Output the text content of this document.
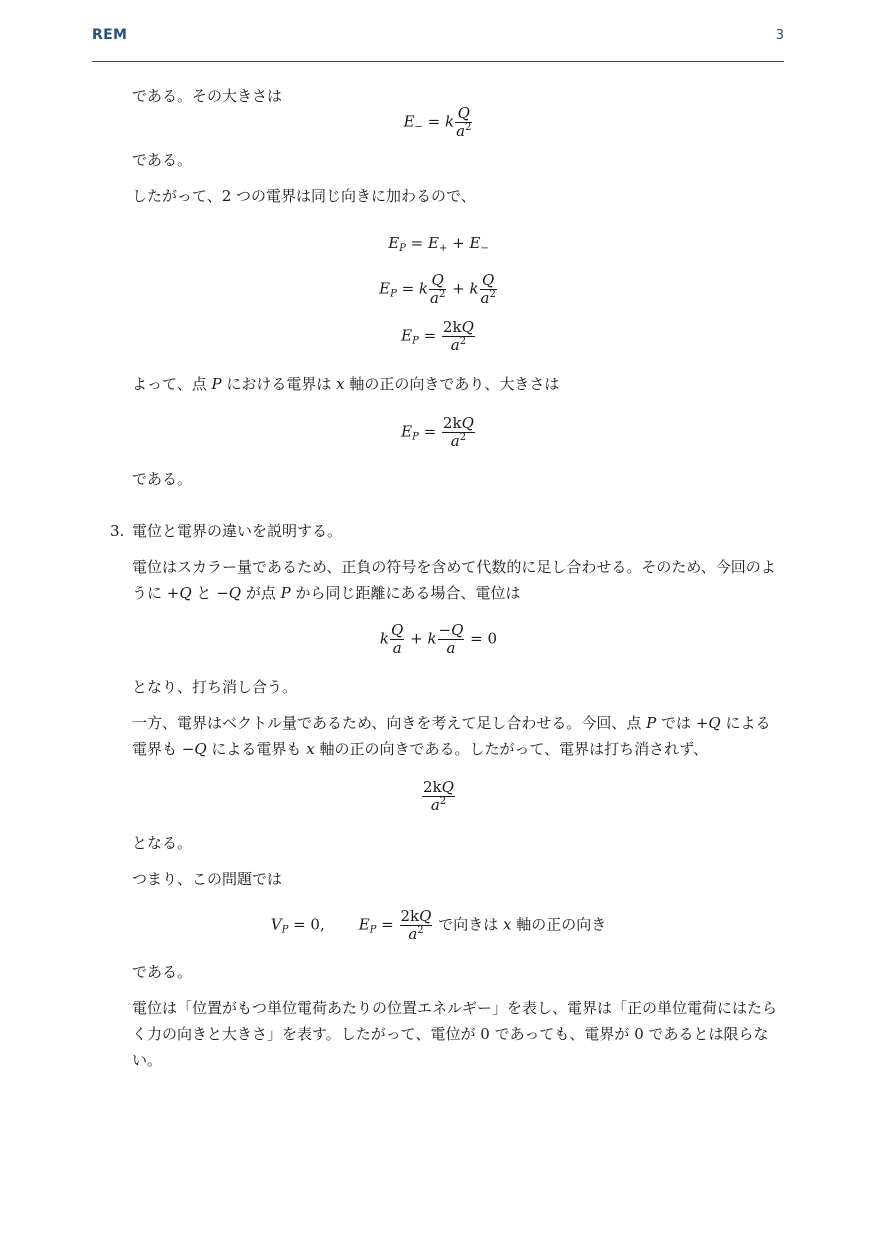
REM	3
である。その大きさは
$E_- = k \frac{Q}{a^2}$
である。
したがって、2 つの電界は同じ向きに加わるので、
$E_P = E_+ + E_-$
$E_P = k \frac{Q}{a^2} + k \frac{Q}{a^2}$
$E_P = \frac{2kQ}{a^2}$
よって、点 P における電界は x 軸の正の向きであり、大きさは
$E_P = \frac{2kQ}{a^2}$
である。
3. 電位と電界の違いを説明する。
電位はスカラー量であるため、正負の符号を含めて代数的に足し合わせる。そのため、今回のように +Q と −Q が点 P から同じ距離にある場合、電位は
k $\frac{Q}{a} + k \frac{-Q}{a} = 0$
となり、打ち消し合う。
一方、電界はベクトル量であるため、向きを考えて足し合わせる。今回、点 P では +Q による電界も −Q による電界も x 軸の正の向きである。したがって、電界は打ち消されず、
$\frac{2kQ}{a^2}$
となる。
つまり、この問題では
$V_P = 0$, $E_P = \frac{2kQ}{a^2}$ で向きは x 軸の正の向き
である。
電位は「位置がもつ単位電荷あたりの位置エネルギー」を表し、電界は「正の単位電荷にはたらく力の向きと大きさ」を表す。したがって、電位が 0 であっても、電界が 0 であるとは限らない。
